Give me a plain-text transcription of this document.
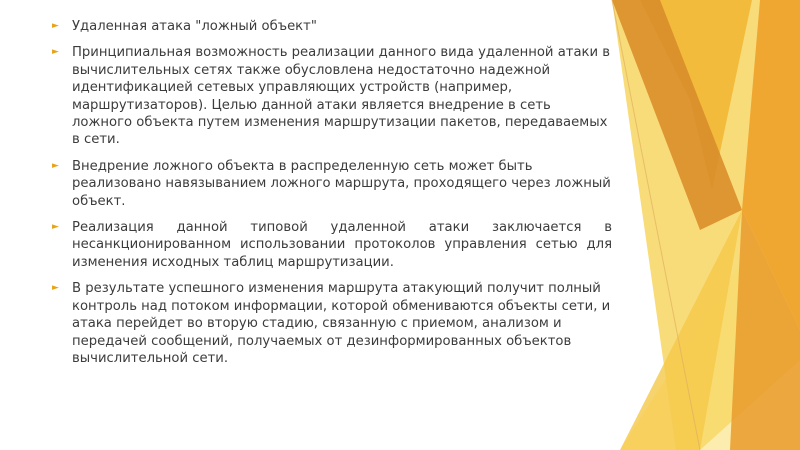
► Удаленная атака "ложный объект"
► Принципиальная возможность реализации данного вида удаленной атаки в вычислительных сетях также обусловлена недостаточно надежной идентификацией сетевых управляющих устройств (например, маршрутизаторов). Целью данной атаки является внедрение в сеть ложного объекта путем изменения маршрутизации пакетов, передаваемых в сети.
► Внедрение ложного объекта в распределенную сеть может быть реализовано навязыванием ложного маршрута, проходящего через ложный объект.
► Реализация данной типовой удаленной атаки заключается в несанкционированном использовании протоколов управления сетью для изменения исходных таблиц маршрутизации.
► В результате успешного изменения маршрута атакующий получит полный контроль над потоком информации, которой обмениваются объекты сети, и атака перейдет во вторую стадию, связанную с приемом, анализом и передачей сообщений, получаемых от дезинформированных объектов вычислительной сети.
